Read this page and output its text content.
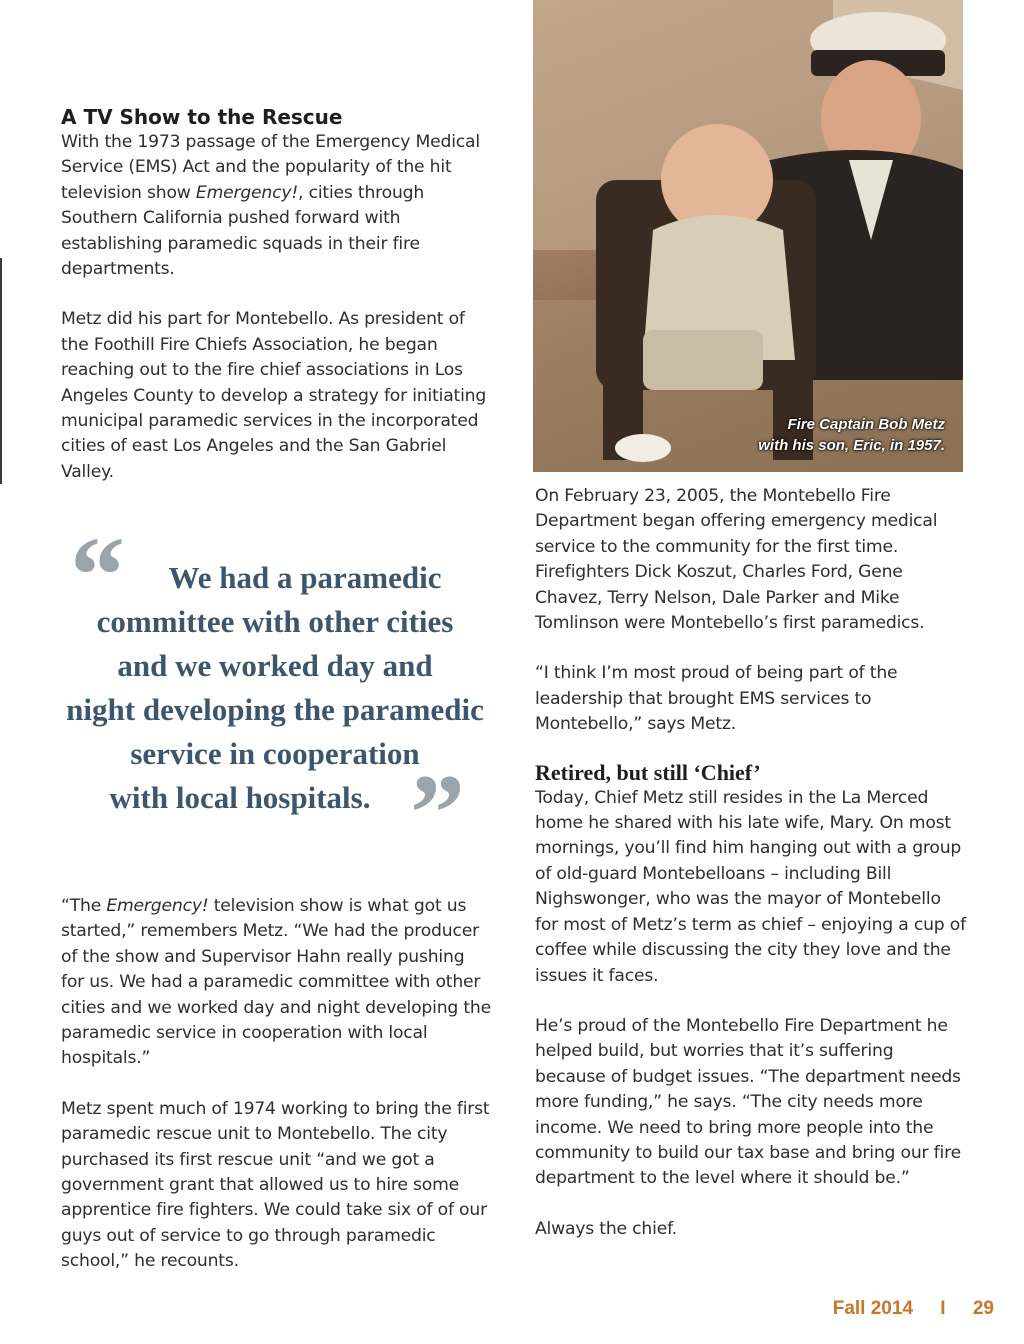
A TV Show to the Rescue

With the 1973 passage of the Emergency Medical Service (EMS) Act and the popularity of the hit television show Emergency!, cities through Southern California pushed forward with establishing paramedic squads in their fire departments.

Metz did his part for Montebello. As president of the Foothill Fire Chiefs Association, he began reaching out to the fire chief associations in Los Angeles County to develop a strategy for initiating municipal paramedic services in the incorporated cities of east Los Angeles and the San Gabriel Valley.

“	We had a paramedic
committee with other cities
and we worked day and
night developing the paramedic
service in cooperation
with local hospitals. ”

“The Emergency! television show is what got us started,” remembers Metz. “We had the producer of the show and Supervisor Hahn really pushing for us. We had a paramedic committee with other cities and we worked day and night developing the paramedic service in cooperation with local hospitals.”

Metz spent much of 1974 working to bring the first paramedic rescue unit to Montebello. The city purchased its first rescue unit “and we got a government grant that allowed us to hire some apprentice fire fighters. We could take six of of our guys out of service to go through paramedic school,” he recounts.

Fire Captain Bob Metz
with his son, Eric, in 1957.

On February 23, 2005, the Montebello Fire Department began offering emergency medical service to the community for the first time. Firefighters Dick Koszut, Charles Ford, Gene Chavez, Terry Nelson, Dale Parker and Mike Tomlinson were Montebello’s first paramedics.

“I think I’m most proud of being part of the leadership that brought EMS services to Montebello,” says Metz.

Retired, but still ‘Chief’

Today, Chief Metz still resides in the La Merced home he shared with his late wife, Mary. On most mornings, you’ll find him hanging out with a group of old-guard Montebelloans – including Bill Nighswonger, who was the mayor of Montebello for most of Metz’s term as chief – enjoying a cup of coffee while discussing the city they love and the issues it faces.

He’s proud of the Montebello Fire Department he helped build, but worries that it’s suffering because of budget issues. “The department needs more funding,” he says. “The city needs more income. We need to bring more people into the community to build our tax base and bring our fire department to the level where it should be.”

Always the chief.

Fall 2014 I 29
